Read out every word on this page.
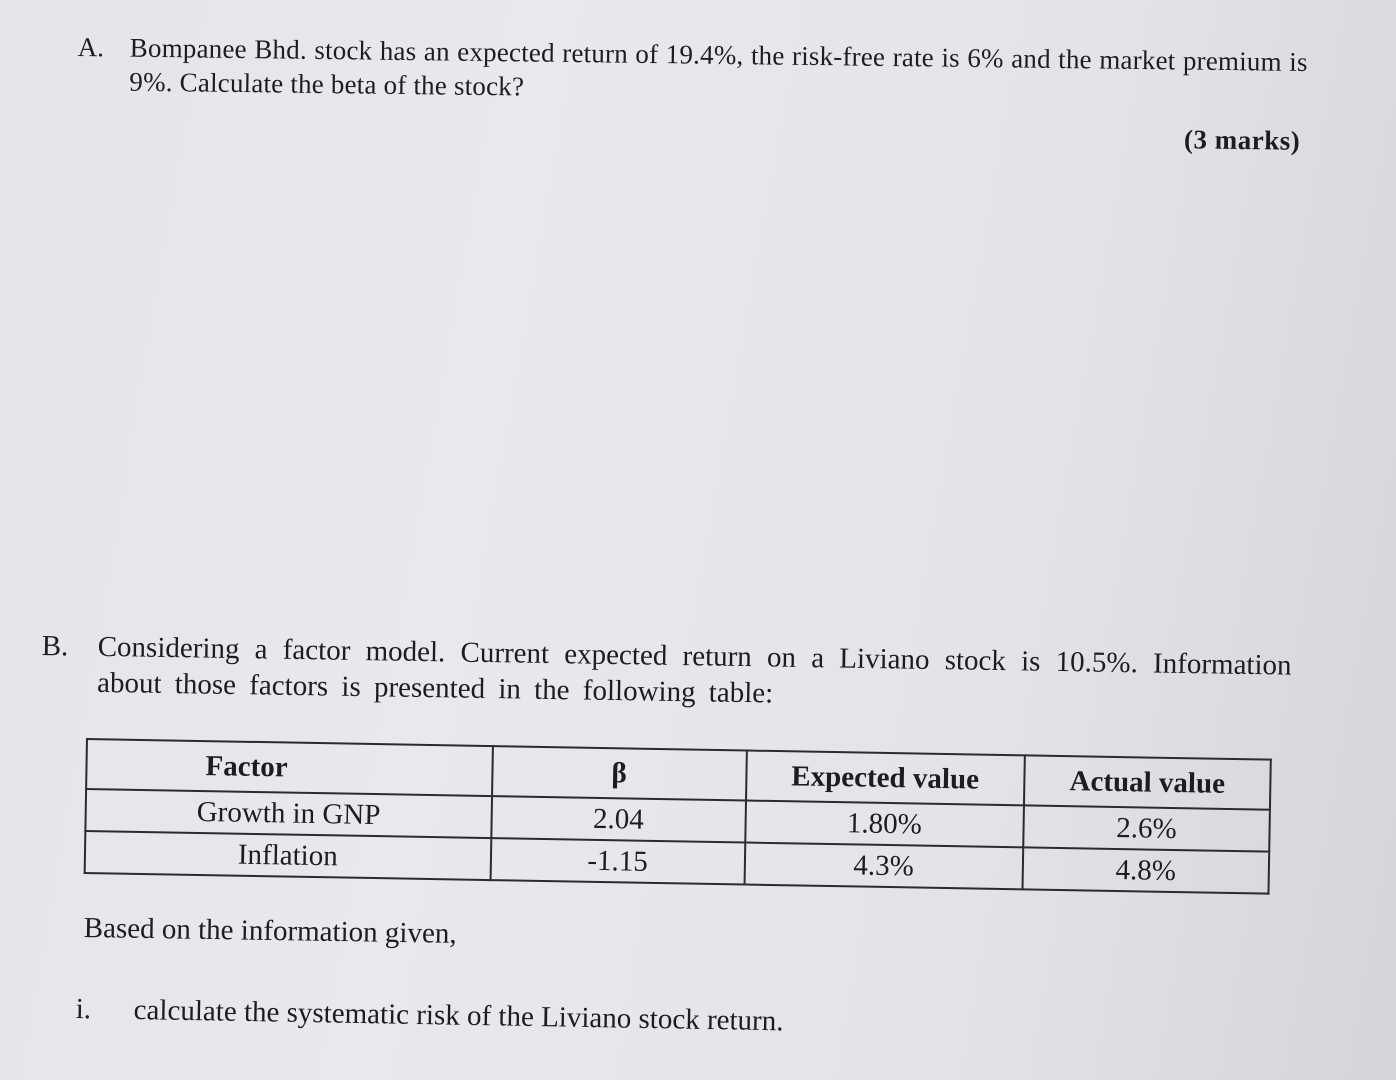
A. Bompanee Bhd. stock has an expected return of 19.4%, the risk-free rate is 6% and the market premium is 9%. Calculate the beta of the stock?
(3 marks)
B. Considering a factor model. Current expected return on a Liviano stock is 10.5%. Information about those factors is presented in the following table:
Factor	β	Expected value	Actual value
Growth in GNP	2.04	1.80%	2.6%
Inflation	-1.15	4.3%	4.8%
Based on the information given,
i. calculate the systematic risk of the Liviano stock return.
